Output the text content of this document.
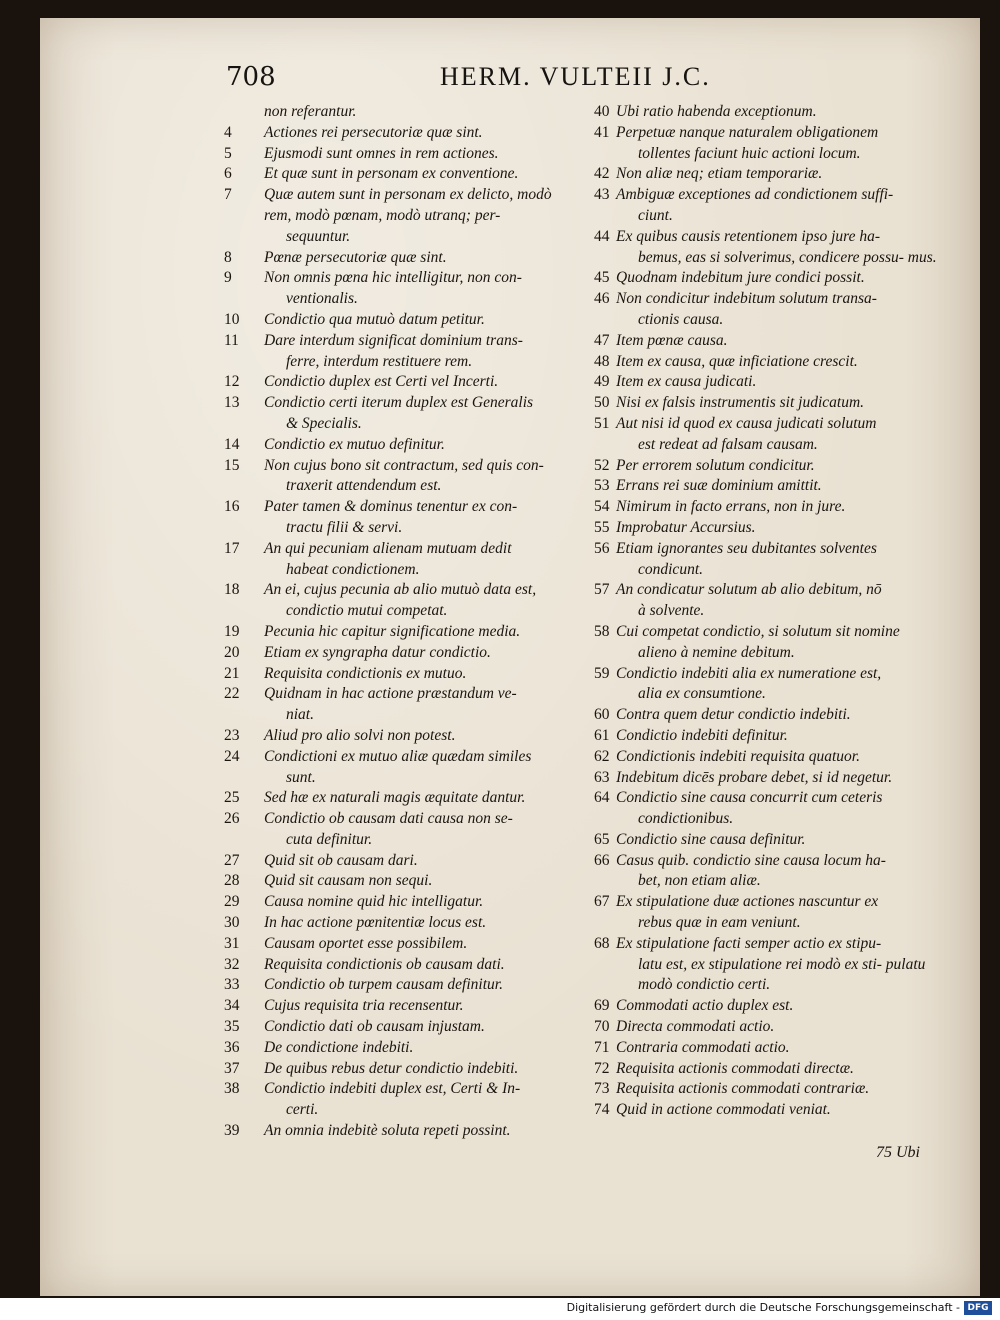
708	HERM. VULTEII J.C.
non referantur.
4	Actiones rei persecutoriæ quæ sint.
5	Ejusmodi sunt omnes in rem actiones.
6	Et quæ sunt in personam ex conventione.
7	Quæ autem sunt in personam ex delicto, modò rem, modò pœnam, modò utranq; per-
sequuntur.
8	Pœnæ persecutoriæ quæ sint.
9	Non omnis pœna hic intelligitur, non con-
ventionalis.
10	Condictio qua mutuò datum petitur.
11	Dare interdum significat dominium trans-
ferre, interdum restituere rem.
12	Condictio duplex est Certi vel Incerti.
13	Condictio certi iterum duplex est Generalis
& Specialis.
14	Condictio ex mutuo definitur.
15	Non cujus bono sit contractum, sed quis con-
traxerit attendendum est.
16	Pater tamen & dominus tenentur ex con-
tractu filii & servi.
17	An qui pecuniam alienam mutuam dedit
habeat condictionem.
18	An ei, cujus pecunia ab alio mutuò data est,
condictio mutui competat.
19	Pecunia hic capitur significatione media.
20	Etiam ex syngrapha datur condictio.
21	Requisita condictionis ex mutuo.
22	Quidnam in hac actione præstandum ve-
niat.
23	Aliud pro alio solvi non potest.
24	Condictioni ex mutuo aliæ quædam similes
sunt.
25	Sed hæ ex naturali magis æquitate dantur.
26	Condictio ob causam dati causa non se-
cuta definitur.
27	Quid sit ob causam dari.
28	Quid sit causam non sequi.
29	Causa nomine quid hic intelligatur.
30	In hac actione pœnitentiæ locus est.
31	Causam oportet esse possibilem.
32	Requisita condictionis ob causam dati.
33	Condictio ob turpem causam definitur.
34	Cujus requisita tria recensentur.
35	Condictio dati ob causam injustam.
36	De condictione indebiti.
37	De quibus rebus detur condictio indebiti.
38	Condictio indebiti duplex est, Certi & In-
certi.
39	An omnia indebitè soluta repeti possint.
40 Ubi ratio habenda exceptionum.
41 Perpetuæ nanque naturalem obligationem
tollentes faciunt huic actioni locum.
42 Non aliæ neq; etiam temporariæ.
43 Ambiguæ exceptiones ad condictionem suffi-
ciunt.
44 Ex quibus causis retentionem ipso jure ha-
bemus, eas si solverimus, condicere possu- mus.
45 Quodnam indebitum jure condici possit.
46 Non condicitur indebitum solutum transa-
ctionis causa.
47 Item pœnæ causa.
48 Item ex causa, quæ inficiatione crescit.
49 Item ex causa judicati.
50 Nisi ex falsis instrumentis sit judicatum.
51 Aut nisi id quod ex causa judicati solutum
est redeat ad falsam causam.
52 Per errorem solutum condicitur.
53 Errans rei suæ dominium amittit.
54 Nimirum in facto errans, non in jure.
55 Improbatur Accursius.
56 Etiam ignorantes seu dubitantes solventes
condicunt.
57 An condicatur solutum ab alio debitum, nō
à solvente.
58 Cui competat condictio, si solutum sit nomine
alieno à nemine debitum.
59 Condictio indebiti alia ex numeratione est,
alia ex consumtione.
60 Contra quem detur condictio indebiti.
61 Condictio indebiti definitur.
62 Condictionis indebiti requisita quatuor.
63 Indebitum dicēs probare debet, si id negetur.
64 Condictio sine causa concurrit cum ceteris
condictionibus.
65 Condictio sine causa definitur.
66 Casus quib. condictio sine causa locum ha-
bet, non etiam aliæ.
67 Ex stipulatione duæ actiones nascuntur ex
rebus quæ in eam veniunt.
68 Ex stipulatione facti semper actio ex stipu-
latu est, ex stipulatione rei modò ex sti- pulatu modò condictio certi.
69 Commodati actio duplex est.
70 Directa commodati actio.
71 Contraria commodati actio.
72 Requisita actionis commodati directæ.
73 Requisita actionis commodati contrariæ.
74 Quid in actione commodati veniat.
75 Ubi
Digitalisierung gefördert durch die Deutsche Forschungsgemeinschaft - DFG
